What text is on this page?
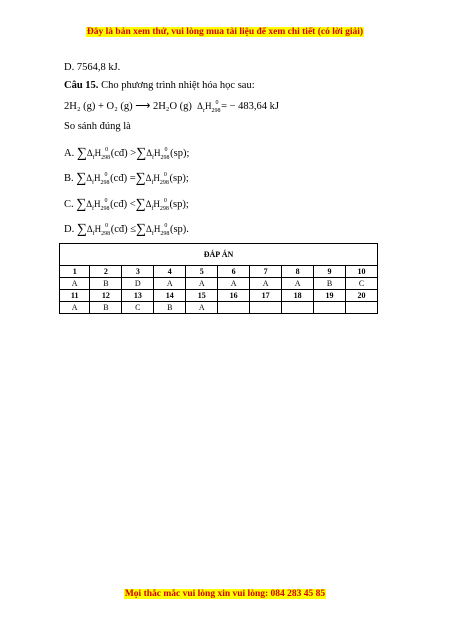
Đây là bản xem thử, vui lòng mua tài liệu để xem chi tiết (có lời giải)
D. 7564,8 kJ.
Câu 15. Cho phương trình nhiệt hóa học sau:
2H₂ (g) + O₂ (g) ⟶ 2H₂O (g) $\Delta_rH_{298}^0$ = − 483,64 kJ
So sánh đúng là
A. $\sum\Delta_fH_{298}^0$ (cđ) $>\sum\Delta_fH_{298}^0$ (sp);
B. $\sum\Delta_fH_{298}^0$ (cđ) $=\sum\Delta_fH_{298}^0$ (sp);
C. $\sum\Delta_fH_{298}^0$ (cđ) $<\sum\Delta_fH_{298}^0$ (sp);
D. $\sum\Delta_fH_{298}^0$ (cđ) $\le\sum\Delta_fH_{298}^0$ (sp).
ĐÁP ÁN									
1	2	3	4	5	6	7	8	9	10
A	B	D	A	A	A	A	A	B	C
11	12	13	14	15	16	17	18	19	20
A	B	C	B	A					
Mọi thắc mắc vui lòng xin vui lòng: 084 283 45 85
